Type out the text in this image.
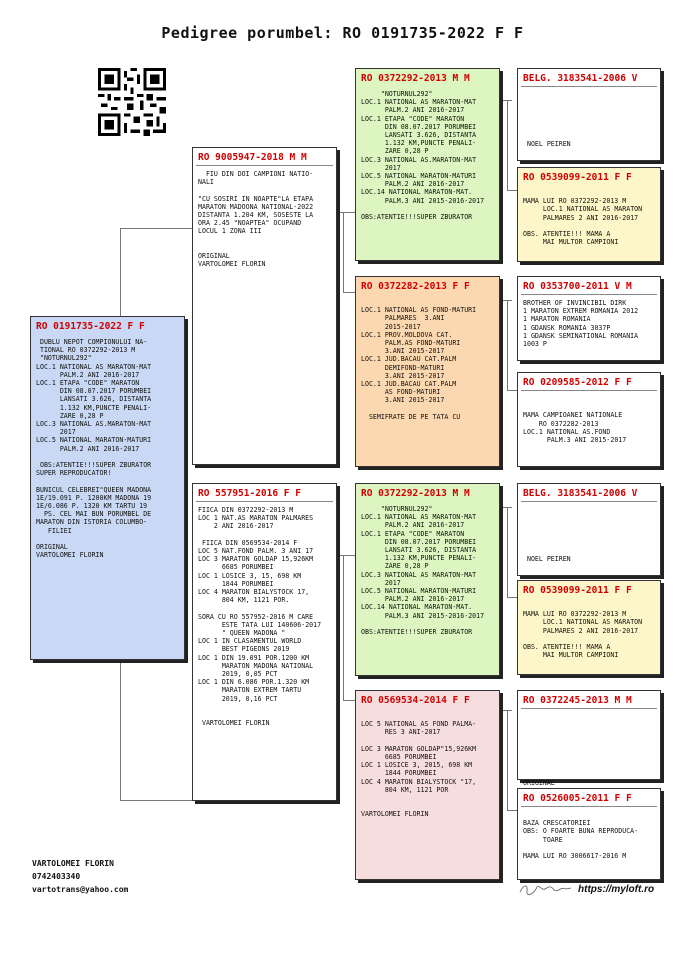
Pedigree porumbel: RO 0191735-2022 F F
RO 0191735-2022 F F
DUBLU NEPOT COMPIONULUI NA-
TIONAL RO 0372292-2013 M
"NOTURNUL292"
LOC.1 NATIONAL AS MARATON-MAT
PALM.2 ANI 2016-2017
LOC.1 ETAPA "CODE" MARATON
DIN 08.07.2017 PORUMBEI
LANSATI 3.626, DISTANTA
1.132 KM,PUNCTE PENALI-
ZARE 0,28 P
LOC.3 NATIONAL AS.MARATON-MAT
2017
LOC.5 NATIONAL MARATON-MATURI
PALM.2 ANI 2016-2017

OBS:ATENTIE!!!SUPER ZBURATOR
SUPER REPRODUCATOR!

BUNICUL CELEBREI"QUEEN MADONA
1E/19.091 P. 1200KM MADONA 19
1E/6.086 P. 1320 KM TARTU 19
PS. CEL MAI BUN PORUMBEL DE
MARATON DIN ISTORIA COLUMBO-
FILIEI

ORIGINAL
VARTOLOMEI FLORIN
RO 9005947-2018 M M
FIU DIN DOI CAMPIONI NATIO-
NALI

"CU SOSIRI IN NOAPTE"LA ETAPA
MARATON MADOONA NATIONAL-2022
DISTANTA 1.204 KM, SOSESTE LA
ORA 2.45 "NOAPTEA" OCUPAND
LOCUL 1 ZONA III

ORIGINAL
VARTOLOMEI FLORIN
RO 557951-2016 F F
FIICA DIN 0372292-2013 M
LOC 1 NAT.AS MARATON PALMARES
2 ANI 2016-2017

FIICA DIN 0569534-2014 F
LOC 5 NAT.FOND PALM. 3 ANI 17
LOC 3 MARATON GOLDAP 15,926KM
6685 PORUMBEI
LOC 1 LOSICE 3, 15, 698 KM
1844 PORUMBEI
LOC 4 MARATON BIALYSTOCK 17,
804 KM, 1121 POR.

SORA CU RO 557952-2016 M CARE
ESTE TATA LUI 140606-2017
" QUEEN MADONA "
LOC 1 IN CLASAMENTUL WORLD
BEST PIGEONS 2019
LOC 1 DIN 19.091 POR.1200 KM
MARATON MADONA NATIONAL
2019, 0,05 PCT
LOC 1 DIN 6.086 POR.1.320 KM
MARATON EXTREM TARTU
2019, 0,16 PCT

VARTOLOMEI FLORIN
RO 0372292-2013 M M
"NOTURNUL292"
LOC.1 NATIONAL AS MARATON-MAT
PALM.2 ANI 2016-2017
LOC.1 ETAPA "CODE" MARATON
DIN 08.07.2017 PORUMBEI
LANSATI 3.626, DISTANTA
1.132 KM,PUNCTE PENALI-
ZARE 0,28 P
LOC.3 NATIONAL AS.MARATON-MAT
2017
LOC.5 NATIONAL MARATON-MATURI
PALM.2 ANI 2016-2017
LOC.14 NATIONAL MARATON-MAT.
PALM.3 ANI 2015-2016-2017

OBS:ATENTIE!!!SUPER ZBURATOR
RO 0372282-2013 F F

LOC.1 NATIONAL AS FOND-MATURI
PALMARES  3.ANI
2015-2017
LOC.1 PROV.MOLDOVA CAT.
PALM.AS FOND-MATURI
3.ANI 2015-2017
LOC.1 JUD.BACAU CAT.PALM
DEMIFOND-MATURI
3.ANI 2015-2017
LOC.1 JUD.BACAU CAT.PALM
AS FOND-MATURI
3.ANI 2015-2017

SEMIFRATE DE PE TATA CU
RO 0372292-2013 M M
"NOTURNUL292"
LOC.1 NATIONAL AS MARATON-MAT
PALM.2 ANI 2016-2017
LOC.1 ETAPA "CODE" MARATON
DIN 08.07.2017 PORUMBEI
LANSATI 3.626, DISTANTA
1.132 KM,PUNCTE PENALI-
ZARE 0,28 P
LOC.3 NATIONAL AS MARATON-MAT
2017
LOC.5 NATIONAL MARATON-MATURI
PALM.2 ANI 2016-2017
LOC.14 NATIONAL MARATON-MAT.
PALM.3 ANI 2015-2016-2017

OBS:ATENTIE!!!SUPER ZBURATOR
RO 0569534-2014 F F

LOC 5 NATIONAL AS FOND PALMA-
RES 3 ANI-2017

LOC 3 MARATON GOLDAP"15,926KM
6685 PORUMBEI
LOC 1 LOSICE 3, 2015, 698 KM
1844 PORUMBEI
LOC 4 MARATON BIALYSTOCK "17,
804 KM, 1121 POR

VARTOLOMEI FLORIN
BELG. 3183541-2006 V

NOEL PEIREN
RO 0539099-2011 F F

MAMA LUI RO 0372292-2013 M
LOC.1 NATIONAL AS MARATON
PALMARES 2 ANI 2016-2017

OBS. ATENTIE!!! MAMA A
MAI MULTOR CAMPIONI
RO 0353700-2011 V M
BROTHER OF INVINCIBIL DIRK
1 MARATON EXTREM ROMANIA 2012
1 MARATON ROMANIA
1 GDANSK ROMANIA 3037P
1 GDANSK SEMINATIONAL ROMANIA
1003 P
RO 0209585-2012 F F

MAMA CAMPIOANEI NATIONALE
RO 0372282-2013
LOC.1 NATIONAL AS.FOND
PALM.3 ANI 2015-2017
BELG. 3183541-2006 V

NOEL PEIREN
RO 0539099-2011 F F

MAMA LUI RO 0372292-2013 M
LOC.1 NATIONAL AS MARATON
PALMARES 2 ANI 2016-2017

OBS. ATENTIE!!! MAMA A
MAI MULTOR CAMPIONI
RO 0372245-2013 M M

ORIGINAL

RO 0526005-2011 F F

BAZA CRESCATORIEI
OBS: O FOARTE BUNA REPRODUCA-
TOARE

MAMA LUI RO 3006617-2016 M
VARTOLOMEI FLORIN
0742403340
vartotrans@yahoo.com	https://myloft.ro
